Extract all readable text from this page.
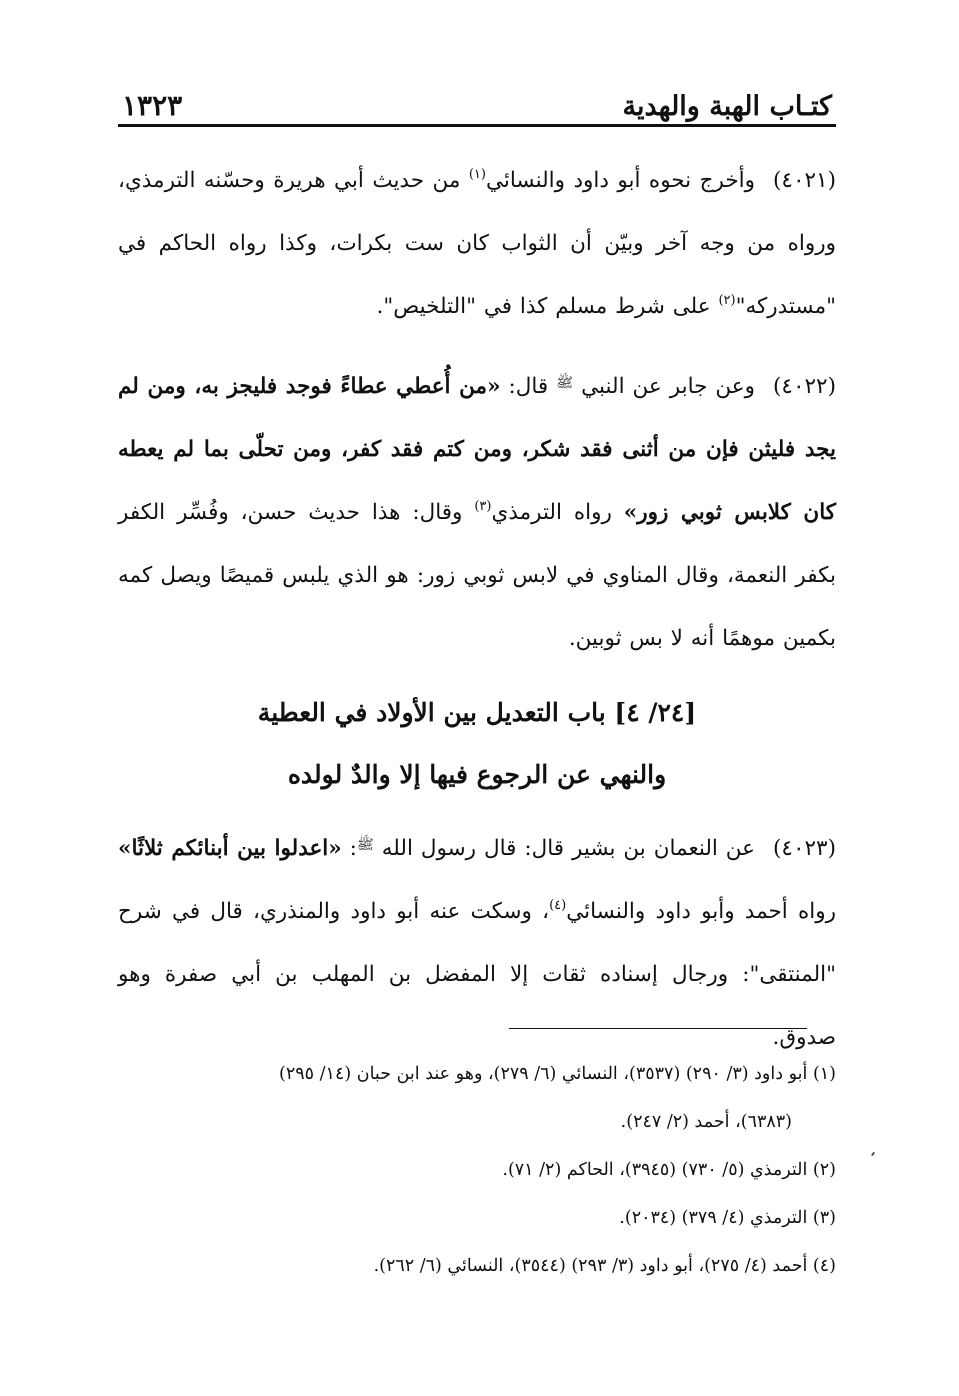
كتـاب الهبة والهدية
١٣٢٣

(٤٠٢١)وأخرج نحوه أبو داود والنسائي$^{(١)}$ من حديث أبي هريرة وحسّنه الترمذي، ورواه من وجه آخر وبيّن أن الثواب كان ست بكرات، وكذا رواه الحاكم في "مستدركه"$^{(٢)}$ على شرط مسلم كذا في "التلخيص".

(٤٠٢٢)وعن جابر عن النبي $^ﷺ$ قال: «من أُعطي عطاءً فوجد فليجز به، ومن لم يجد فليثن فإن من أثنى فقد شكر، ومن كتم فقد كفر، ومن تحلّى بما لم يعطه كان كلابس ثوبي زور» رواه الترمذي$^{(٣)}$ وقال: هذا حديث حسن، وفُسِّر الكفر بكفر النعمة، وقال المناوي في لابس ثوبي زور: هو الذي يلبس قميصًا ويصل كمه بكمين موهمًا أنه لا بس ثوبين.

[٢٤/ ٤] باب التعديل بين الأولاد في العطية

والنهي عن الرجوع فيها إلا والدٌ لولده

(٤٠٢٣)عن النعمان بن بشير قال: قال رسول الله $^ﷺ$: «اعدلوا بين أبنائكم ثلاثًا» رواه أحمد وأبو داود والنسائي$^{(٤)}$، وسكت عنه أبو داود والمنذري، قال في شرح "المنتقى": ورجال إسناده ثقات إلا المفضل بن المهلب بن أبي صفرة وهو صدوق.

(١) أبو داود (٣/ ٢٩٠) (٣٥٣٧)، النسائي (٦/ ٢٧٩)، وهو عند ابن حبان (١٤/ ٢٩٥)

(٦٣٨٣)، أحمد (٢/ ٢٤٧).

(٢) الترمذي (٥/ ٧٣٠) (٣٩٤٥)، الحاكم (٢/ ٧١).

(٣) الترمذي (٤/ ٣٧٩) (٢٠٣٤).

(٤) أحمد (٤/ ٢٧٥)، أبو داود (٣/ ٢٩٣) (٣٥٤٤)، النسائي (٦/ ٢٦٢).
